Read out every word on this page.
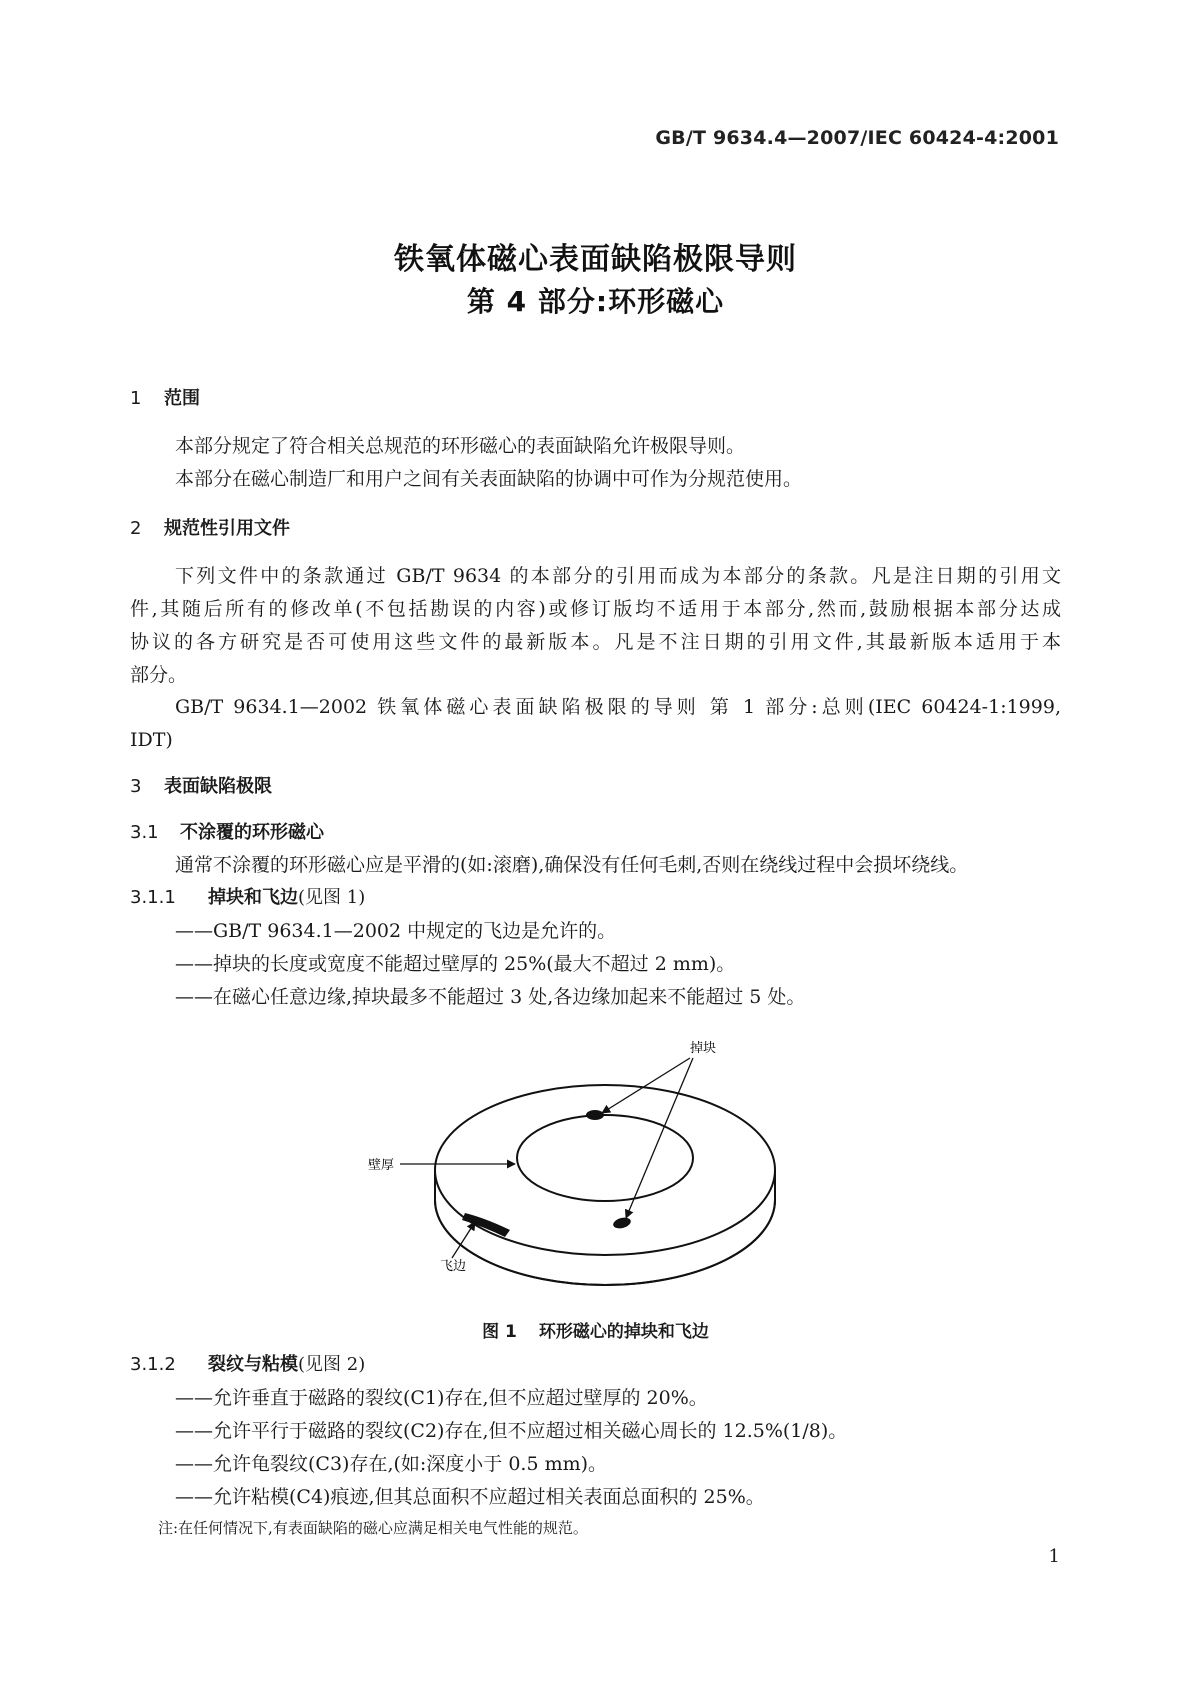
GB/T 9634.4—2007/IEC 60424-4:2001
铁氧体磁心表面缺陷极限导则
第 4 部分:环形磁心
1 范围
本部分规定了符合相关总规范的环形磁心的表面缺陷允许极限导则。
本部分在磁心制造厂和用户之间有关表面缺陷的协调中可作为分规范使用。
2 规范性引用文件
下列文件中的条款通过 GB/T 9634 的本部分的引用而成为本部分的条款。凡是注日期的引用文
件,其随后所有的修改单(不包括勘误的内容)或修订版均不适用于本部分,然而,鼓励根据本部分达成
协议的各方研究是否可使用这些文件的最新版本。凡是不注日期的引用文件,其最新版本适用于本
部分。
GB/T 9634.1—2002 铁氧体磁心表面缺陷极限的导则 第 1 部分:总则(IEC 60424-1:1999,
IDT)
3 表面缺陷极限
3.1 不涂覆的环形磁心
通常不涂覆的环形磁心应是平滑的(如:滚磨),确保没有任何毛刺,否则在绕线过程中会损坏绕线。
3.1.1 掉块和飞边(见图 1)
——GB/T 9634.1—2002 中规定的飞边是允许的。
——掉块的长度或宽度不能超过壁厚的 25%(最大不超过 2 mm)。
——在磁心任意边缘,掉块最多不能超过 3 处,各边缘加起来不能超过 5 处。
掉块
壁厚
飞边
图 1 环形磁心的掉块和飞边
3.1.2 裂纹与粘模(见图 2)
——允许垂直于磁路的裂纹(C1)存在,但不应超过壁厚的 20%。
——允许平行于磁路的裂纹(C2)存在,但不应超过相关磁心周长的 12.5%(1/8)。
——允许龟裂纹(C3)存在,(如:深度小于 0.5 mm)。
——允许粘模(C4)痕迹,但其总面积不应超过相关表面总面积的 25%。
注:在任何情况下,有表面缺陷的磁心应满足相关电气性能的规范。
1
